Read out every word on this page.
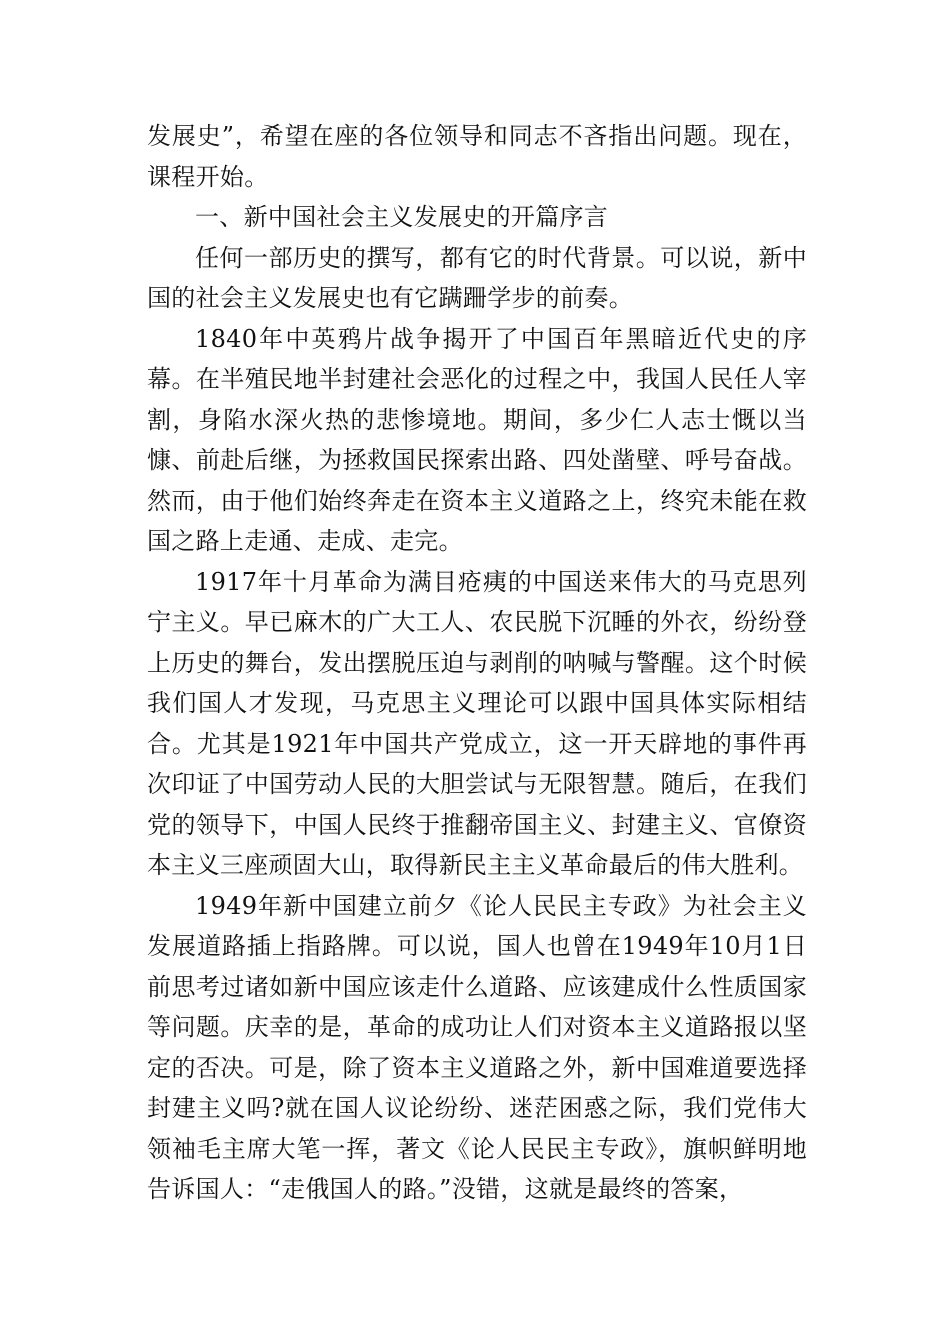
发展史”，希望在座的各位领导和同志不吝指出问题。现在，课程开始。

一、新中国社会主义发展史的开篇序言

任何一部历史的撰写，都有它的时代背景。可以说，新中国的社会主义发展史也有它蹒跚学步的前奏。

1840年中英鸦片战争揭开了中国百年黑暗近代史的序幕。在半殖民地半封建社会恶化的过程之中，我国人民任人宰割，身陷水深火热的悲惨境地。期间，多少仁人志士慨以当慷、前赴后继，为拯救国民探索出路、四处凿壁、呼号奋战。然而，由于他们始终奔走在资本主义道路之上，终究未能在救国之路上走通、走成、走完。

1917年十月革命为满目疮痍的中国送来伟大的马克思列宁主义。早已麻木的广大工人、农民脱下沉睡的外衣，纷纷登上历史的舞台，发出摆脱压迫与剥削的呐喊与警醒。这个时候我们国人才发现，马克思主义理论可以跟中国具体实际相结合。尤其是1921年中国共产党成立，这一开天辟地的事件再次印证了中国劳动人民的大胆尝试与无限智慧。随后，在我们党的领导下，中国人民终于推翻帝国主义、封建主义、官僚资本主义三座顽固大山，取得新民主主义革命最后的伟大胜利。

1949年新中国建立前夕《论人民民主专政》为社会主义发展道路插上指路牌。可以说，国人也曾在1949年10月1日前思考过诸如新中国应该走什么道路、应该建成什么性质国家等问题。庆幸的是，革命的成功让人们对资本主义道路报以坚定的否决。可是，除了资本主义道路之外，新中国难道要选择封建主义吗?就在国人议论纷纷、迷茫困惑之际，我们党伟大领袖毛主席大笔一挥，著文《论人民民主专政》，旗帜鲜明地告诉国人：“走俄国人的路。”没错，这就是最终的答案，
